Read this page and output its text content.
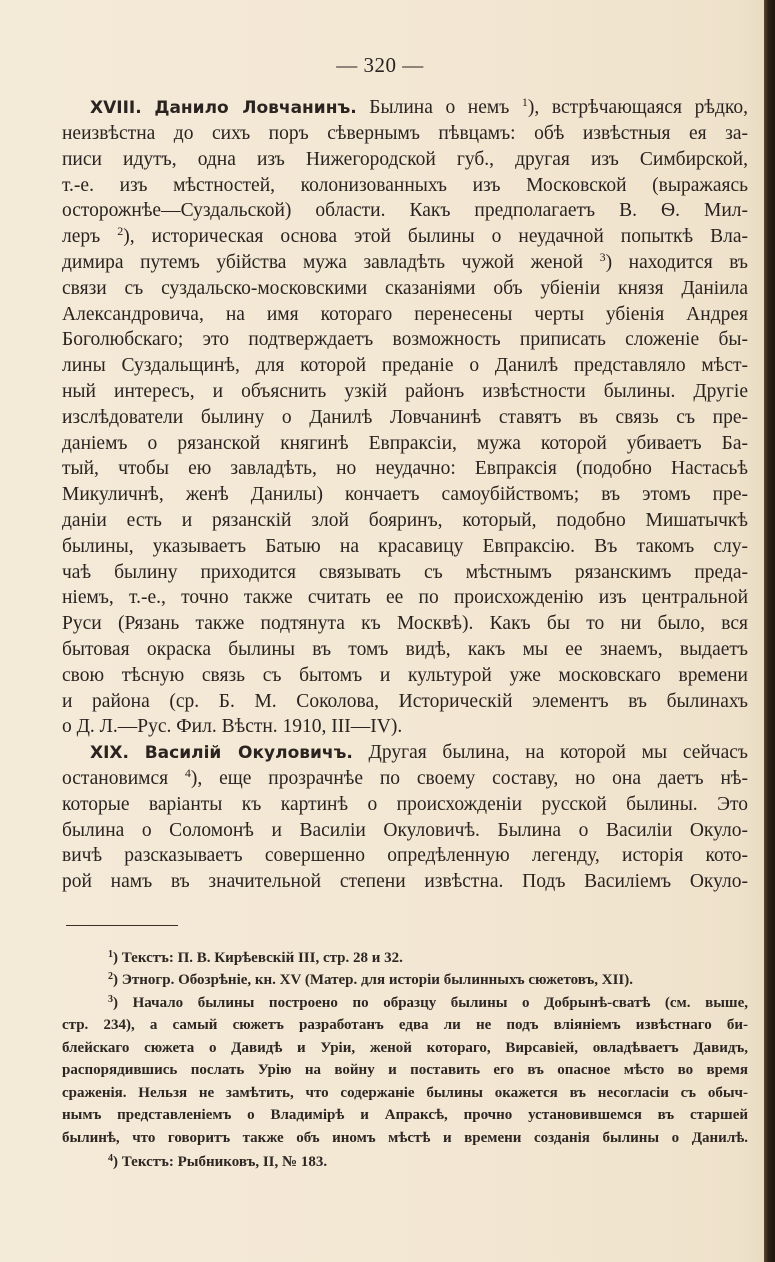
— 320 —
XVIII. Данило Ловчанинъ. Былина о немъ $^1$), встрѣчающаяся рѣдко,
неизвѣстна до сихъ поръ сѣвернымъ пѣвцамъ: обѣ извѣстныя ея за-
писи идутъ, одна изъ Нижегородской губ., другая изъ Симбирской,
т.-е. изъ мѣстностей, колонизованныхъ изъ Московской (выражаясь
осторожнѣе—Суздальской) области. Какъ предполагаетъ В. Ѳ. Мил-
леръ $^2$), историческая основа этой былины о неудачной попыткѣ Вла-
димира путемъ убійства мужа завладѣть чужой женой $^3$) находится въ
связи съ суздальско-московскими сказаніями объ убіеніи князя Даніила
Александровича, на имя котораго перенесены черты убіенія Андрея
Боголюбскаго; это подтверждаетъ возможность приписать сложеніе бы-
лины Суздальщинѣ, для которой преданіе о Данилѣ представляло мѣст-
ный интересъ, и объяснить узкій районъ извѣстности былины. Другіе
изслѣдователи былину о Данилѣ Ловчанинѣ ставятъ въ связь съ пре-
даніемъ о рязанской княгинѣ Евпраксіи, мужа которой убиваетъ Ба-
тый, чтобы ею завладѣть, но неудачно: Евпраксія (подобно Настасьѣ
Микуличнѣ, женѣ Данилы) кончаетъ самоубійствомъ; въ этомъ пре-
даніи есть и рязанскій злой бояринъ, который, подобно Мишатычкѣ
былины, указываетъ Батыю на красавицу Евпраксію. Въ такомъ слу-
чаѣ былину приходится связывать съ мѣстнымъ рязанскимъ преда-
ніемъ, т.-е., точно также считать ее по происхожденію изъ центральной
Руси (Рязань также подтянута къ Москвѣ). Какъ бы то ни было, вся
бытовая окраска былины въ томъ видѣ, какъ мы ее знаемъ, выдаетъ
свою тѣсную связь съ бытомъ и культурой уже московскаго времени
и района (ср. Б. М. Соколова, Историческій элементъ въ былинахъ
о Д. Л.—Рус. Фил. Вѣстн. 1910, III—IV).
XIX. Василій Окуловичъ. Другая былина, на которой мы сейчасъ
остановимся $^4$), еще прозрачнѣе по своему составу, но она даетъ нѣ-
которые варіанты къ картинѣ о происхожденіи русской былины. Это
былина о Соломонѣ и Василіи Окуловичѣ. Былина о Василіи Окуло-
вичѣ разсказываетъ совершенно опредѣленную легенду, исторія кото-
рой намъ въ значительной степени извѣстна. Подъ Василіемъ Окуло-
$^1$) Текстъ: П. В. Кирѣевскій III, стр. 28 и 32.
$^2$) Этногр. Обозрѣніе, кн. XV (Матер. для исторіи былинныхъ сюжетовъ, XII).
$^3$) Начало былины построено по образцу былины о Добрынѣ-сватѣ (см. выше,
стр. 234), а самый сюжетъ разработанъ едва ли не подъ вліяніемъ извѣстнаго би-
блейскаго сюжета о Давидѣ и Уріи, женой котораго, Вирсавіей, овладѣваетъ Давидъ,
распорядившись послать Урію на войну и поставить его въ опасное мѣсто во время
сраженія. Нельзя не замѣтить, что содержаніе былины окажется въ несогласіи съ обыч-
нымъ представленіемъ о Владимірѣ и Апраксѣ, прочно установившемся въ старшей
былинѣ, что говоритъ также объ иномъ мѣстѣ и времени созданія былины о Данилѣ.
$^4$) Текстъ: Рыбниковъ, II, № 183.
